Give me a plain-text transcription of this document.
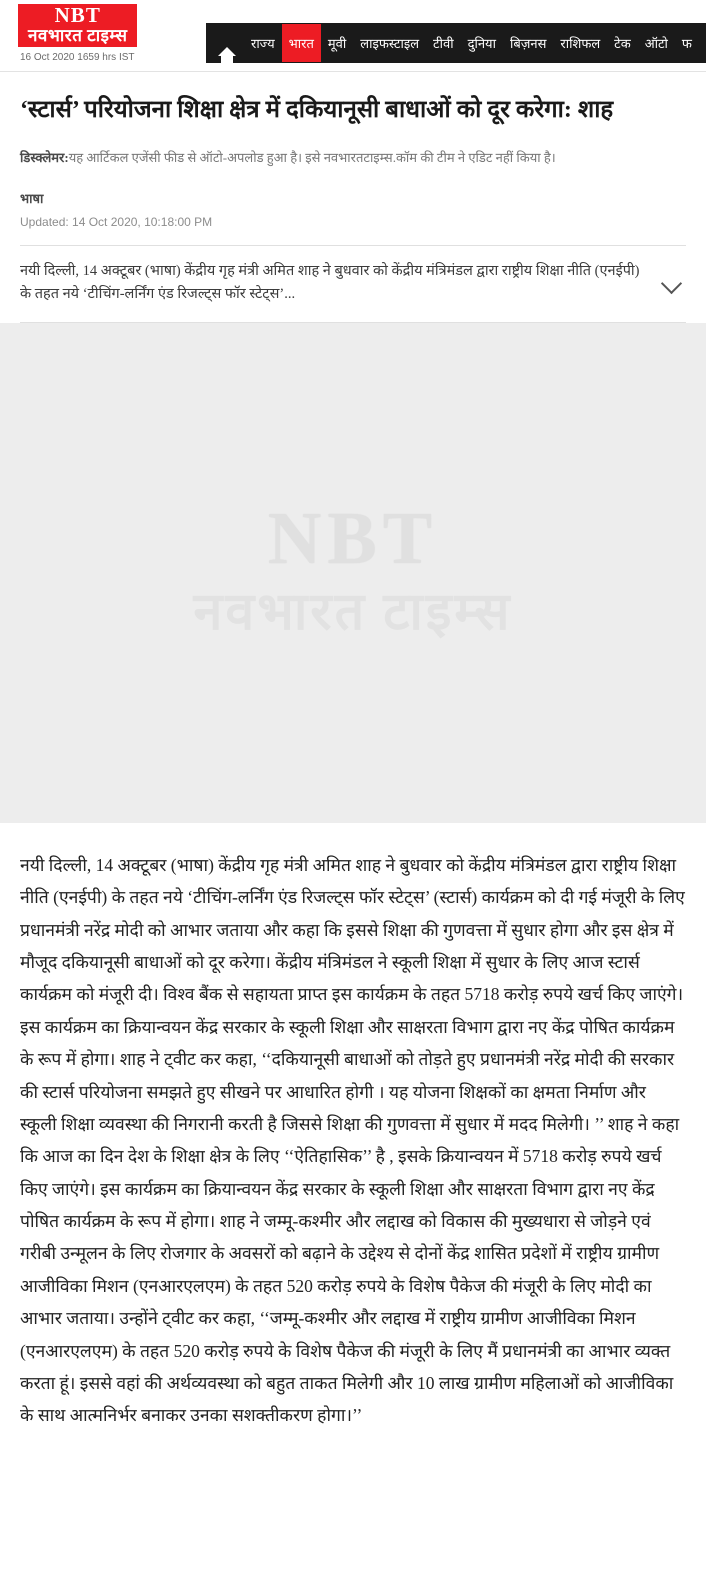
NBT
नवभारत टाइम्स
16 Oct 2020 1659 hrs IST
राज्य	भारत	मूवी	लाइफस्टाइल	टीवी	दुनिया	बिज़नस	राशिफल	टेक	ऑटो	फ
‘स्टार्स’ परियोजना शिक्षा क्षेत्र में दकियानूसी बाधाओं को दूर करेगा: शाह
डिस्क्लेमर:यह आर्टिकल एजेंसी फीड से ऑटो-अपलोड हुआ है। इसे नवभारतटाइम्स.कॉम की टीम ने एडिट नहीं किया है।
भाषा
Updated: 14 Oct 2020, 10:18:00 PM
नयी दिल्ली, 14 अक्टूबर (भाषा) केंद्रीय गृह मंत्री अमित शाह ने बुधवार को केंद्रीय मंत्रिमंडल द्वारा राष्ट्रीय शिक्षा नीति (एनईपी) के तहत नये ‘टीचिंग-लर्निंग एंड रिजल्ट्स फॉर स्टेट्स’...
NBT
नवभारत टाइम्स
नयी दिल्ली, 14 अक्टूबर (भाषा) केंद्रीय गृह मंत्री अमित शाह ने बुधवार को केंद्रीय मंत्रिमंडल द्वारा राष्ट्रीय शिक्षा नीति (एनईपी) के तहत नये ‘टीचिंग-लर्निंग एंड रिजल्ट्स फॉर स्टेट्स’ (स्टार्स) कार्यक्रम को दी गई मंजूरी के लिए प्रधानमंत्री नरेंद्र मोदी को आभार जताया और कहा कि इससे शिक्षा की गुणवत्ता में सुधार होगा और इस क्षेत्र में मौजूद दकियानूसी बाधाओं को दूर करेगा। केंद्रीय मंत्रिमंडल ने स्कूली शिक्षा में सुधार के लिए आज स्टार्स कार्यक्रम को मंजूरी दी। विश्व बैंक से सहायता प्राप्त इस कार्यक्रम के तहत 5718 करोड़ रुपये खर्च किए जाएंगे। इस कार्यक्रम का क्रियान्वयन केंद्र सरकार के स्कूली शिक्षा और साक्षरता विभाग द्वारा नए केंद्र पोषित कार्यक्रम के रूप में होगा। शाह ने ट्वीट कर कहा, ‘‘दकियानूसी बाधाओं को तोड़ते हुए प्रधानमंत्री नरेंद्र मोदी की सरकार की स्टार्स परियोजना समझते हुए सीखने पर आधारित होगी । यह योजना शिक्षकों का क्षमता निर्माण और स्कूली शिक्षा व्यवस्था की निगरानी करती है जिससे शिक्षा की गुणवत्ता में सुधार में मदद मिलेगी। ’’ शाह ने कहा कि आज का दिन देश के शिक्षा क्षेत्र के लिए ‘‘ऐतिहासिक’’ है , इसके क्रियान्वयन में 5718 करोड़ रुपये खर्च किए जाएंगे। इस कार्यक्रम का क्रियान्वयन केंद्र सरकार के स्कूली शिक्षा और साक्षरता विभाग द्वारा नए केंद्र पोषित कार्यक्रम के रूप में होगा। शाह ने जम्मू-कश्मीर और लद्दाख को विकास की मुख्यधारा से जोड़ने एवं गरीबी उन्मूलन के लिए रोजगार के अवसरों को बढ़ाने के उद्देश्य से दोनों केंद्र शासित प्रदेशों में राष्ट्रीय ग्रामीण आजीविका मिशन (एनआरएलएम) के तहत 520 करोड़ रुपये के विशेष पैकेज की मंजूरी के लिए मोदी का आभार जताया। उन्होंने ट्वीट कर कहा, ‘‘जम्मू-कश्मीर और लद्दाख में राष्ट्रीय ग्रामीण आजीविका मिशन (एनआरएलएम) के तहत 520 करोड़ रुपये के विशेष पैकेज की मंजूरी के लिए मैं प्रधानमंत्री का आभार व्यक्त करता हूं। इससे वहां की अर्थव्यवस्था को बहुत ताकत मिलेगी और 10 लाख ग्रामीण महिलाओं को आजीविका के साथ आत्मनिर्भर बनाकर उनका सशक्तीकरण होगा।’’
